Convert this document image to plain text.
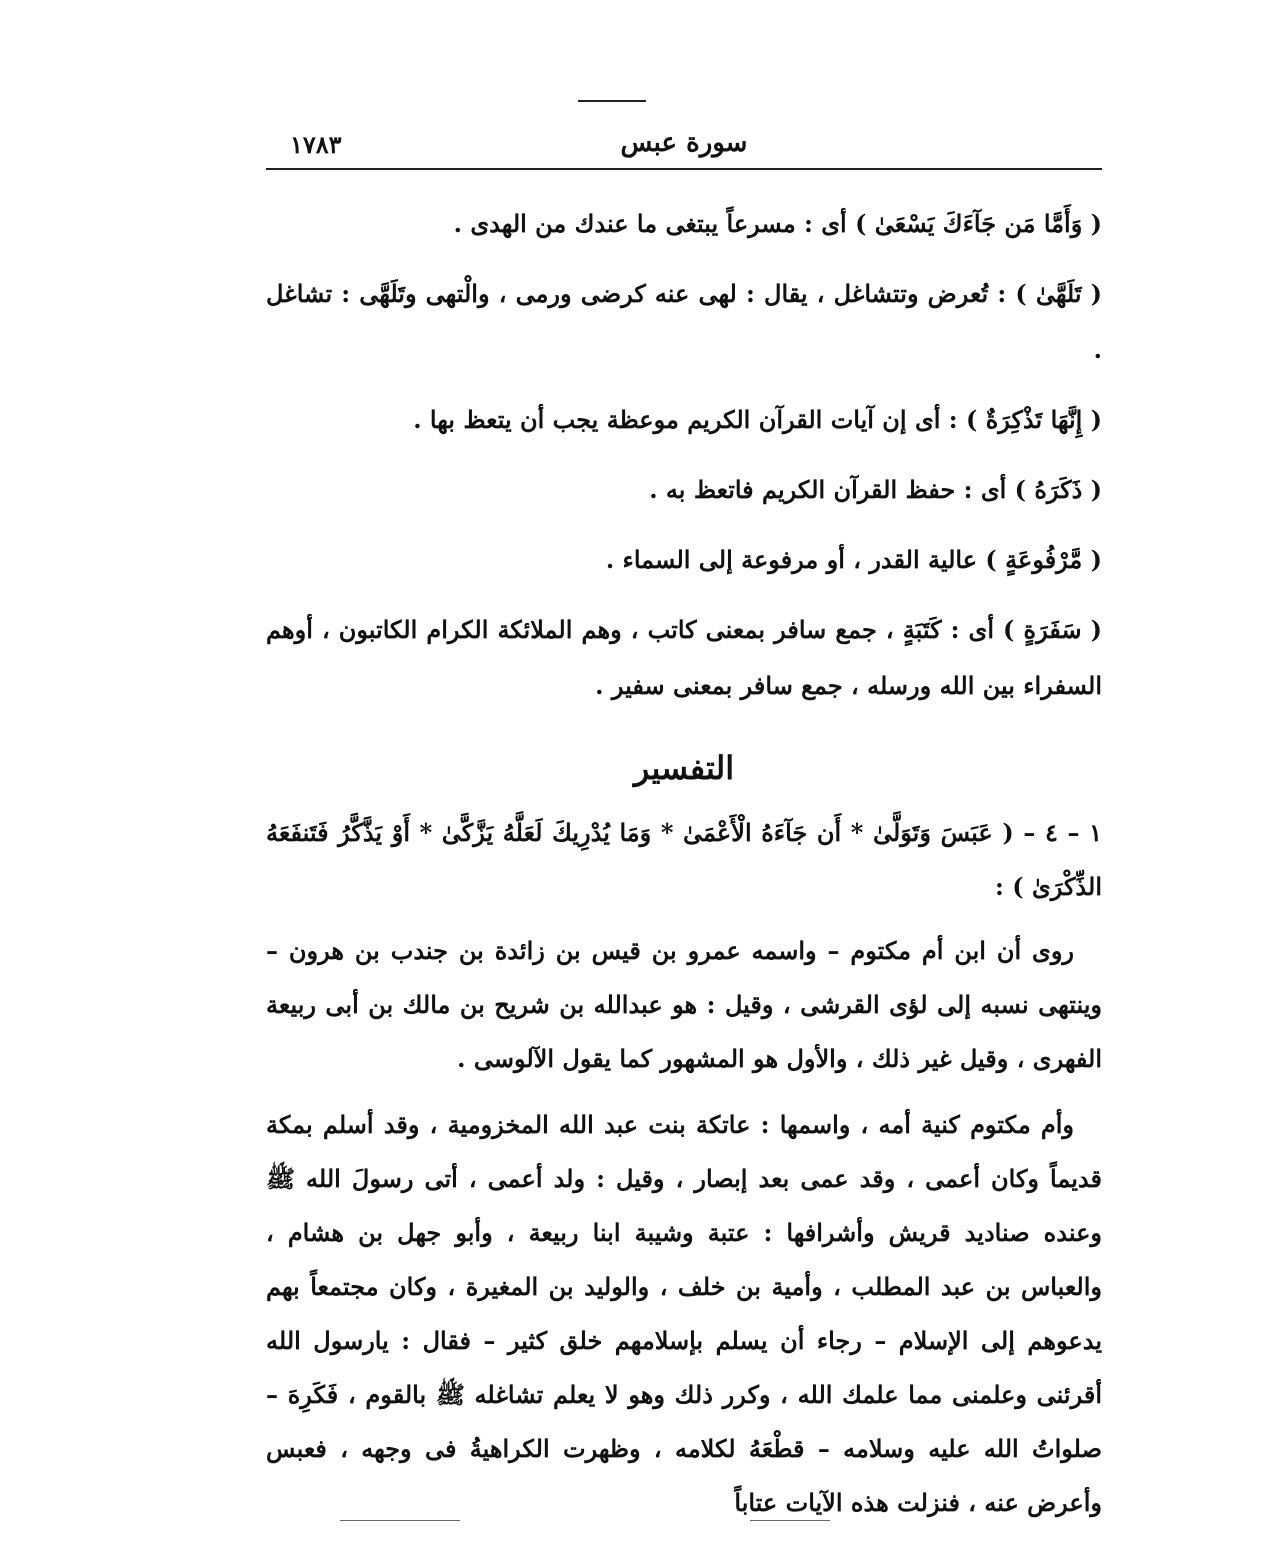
١٧٨٣	سورة عبس

( وَأَمَّا مَن جَآءَكَ يَسْعَىٰ ) أى : مسرعاً يبتغى ما عندك من الهدى .

( تَلَهَّىٰ ) : تُعرض وتتشاغل ، يقال : لهى عنه كرضى ورمى ، والْتهى وتَلَهَّى : تشاغل .

( إِنَّهَا تَذْكِرَةٌ ) : أى إن آيات القرآن الكريم موعظة يجب أن يتعظ بها .

( ذَكَرَهُ ) أى : حفظ القرآن الكريم فاتعظ به .

( مَّرْفُوعَةٍ ) عالية القدر ، أو مرفوعة إلى السماء .

( سَفَرَةٍ ) أى : كَتَبَةٍ ، جمع سافر بمعنى كاتب ، وهم الملائكة الكرام الكاتبون ، أوهم السفراء بين الله ورسله ، جمع سافر بمعنى سفير .

التفسير

١ – ٤ – ( عَبَسَ وَتَوَلَّىٰ * أَن جَآءَهُ الْأَعْمَىٰ * وَمَا يُدْرِيكَ لَعَلَّهُ يَزَّكَّىٰ * أَوْ يَذَّكَّرُ فَتَنفَعَهُ الذِّكْرَىٰ ) :

روى أن ابن أم مكتوم – واسمه عمرو بن قيس بن زائدة بن جندب بن هرون – وينتهى نسبه إلى لؤى القرشى ، وقيل : هو عبدالله بن شريح بن مالك بن أبى ربيعة الفهرى ، وقيل غير ذلك ، والأول هو المشهور كما يقول الآلوسى .

وأم مكتوم كنية أمه ، واسمها : عاتكة بنت عبد الله المخزومية ، وقد أسلم بمكة قديماً وكان أعمى ، وقد عمى بعد إبصار ، وقيل : ولد أعمى ، أتى رسولَ الله ﷺ وعنده صناديد قريش وأشرافها : عتبة وشيبة ابنا ربيعة ، وأبو جهل بن هشام ، والعباس بن عبد المطلب ، وأمية بن خلف ، والوليد بن المغيرة ، وكان مجتمعاً بهم يدعوهم إلى الإسلام – رجاء أن يسلم بإسلامهم خلق كثير – فقال : يارسول الله أقرئنى وعلمنى مما علمك الله ، وكرر ذلك وهو لا يعلم تشاغله ﷺ بالقوم ، فَكَرِهَ – صلواتُ الله عليه وسلامه – قطْعَهُ لكلامه ، وظهرت الكراهيةُ فى وجهه ، فعبس وأعرض عنه ، فنزلت هذه الآيات عتاباً
